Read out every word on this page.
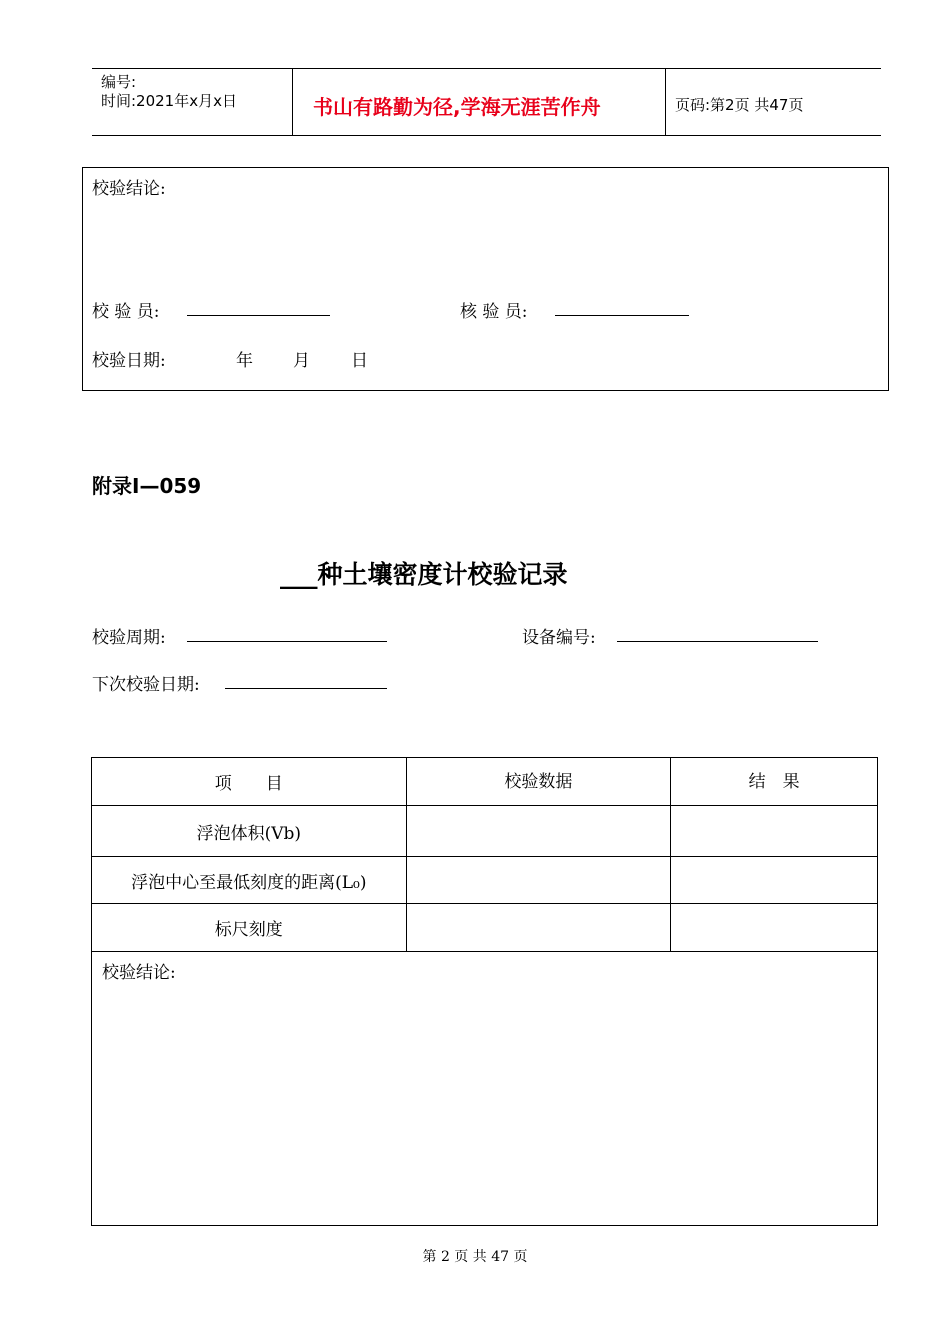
编号:
时间:2021年x月x日	书山有路勤为径,学海无涯苦作舟	页码:第2页 共47页
校验结论:
校 验 员:	核 验 员:
校验日期:	年 月 日
附录I—059
___种土壤密度计校验记录
校验周期:	设备编号:
下次校验日期:
项　　目	校验数据	结　果
浮泡体积(Vb)		
浮泡中心至最低刻度的距离(L₀)		
标尺刻度		
校验结论:		
第 2 页 共 47 页
